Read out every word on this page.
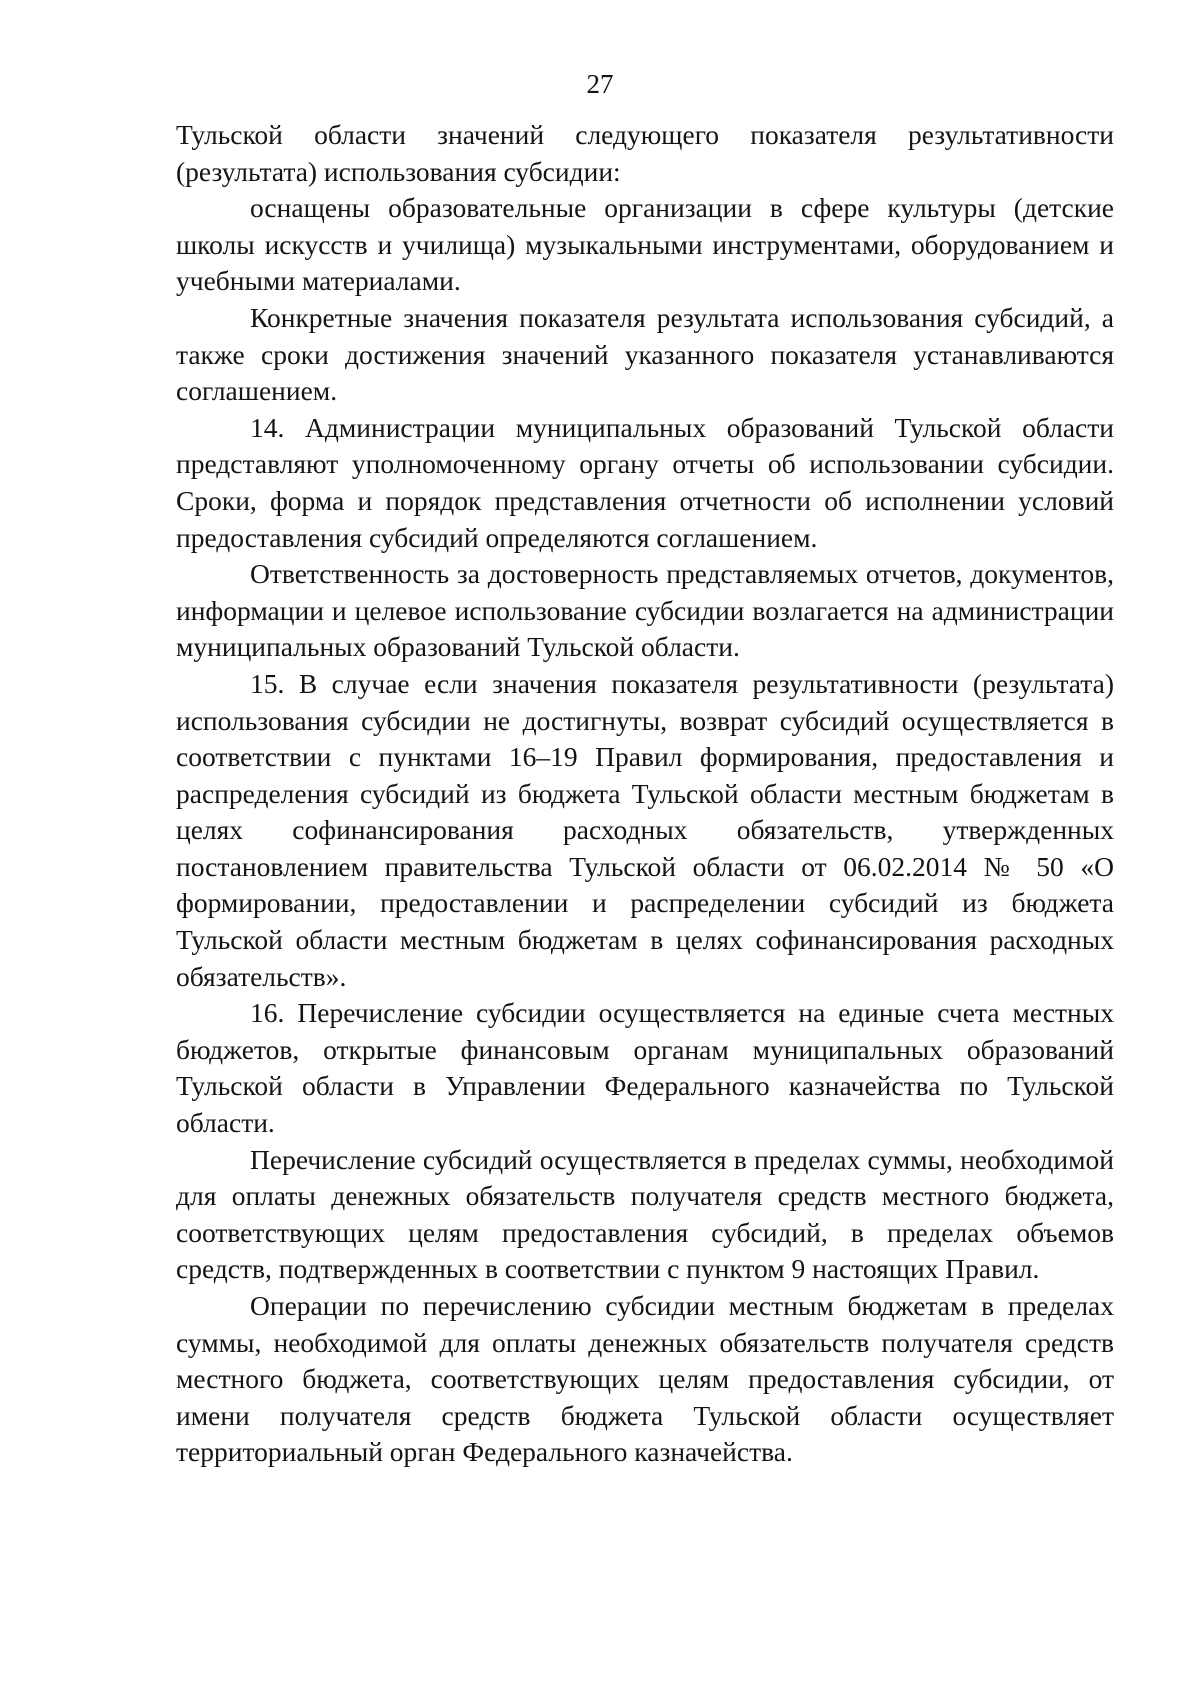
27

Тульской области значений следующего показателя результативности (результата) использования субсидии:

оснащены образовательные организации в сфере культуры (детские школы искусств и училища) музыкальными инструментами, оборудованием и учебными материалами.

Конкретные значения показателя результата использования субсидий, а также сроки достижения значений указанного показателя устанавливаются соглашением.

14. Администрации муниципальных образований Тульской области представляют уполномоченному органу отчеты об использовании субсидии. Сроки, форма и порядок представления отчетности об исполнении условий предоставления субсидий определяются соглашением.

Ответственность за достоверность представляемых отчетов, документов, информации и целевое использование субсидии возлагается на администрации муниципальных образований Тульской области.

15. В случае если значения показателя результативности (результата) использования субсидии не достигнуты, возврат субсидий осуществляется в соответствии с пунктами 16–19 Правил формирования, предоставления и распределения субсидий из бюджета Тульской области местным бюджетам в целях софинансирования расходных обязательств, утвержденных постановлением правительства Тульской области от 06.02.2014 № 50 «О формировании, предоставлении и распределении субсидий из бюджета Тульской области местным бюджетам в целях софинансирования расходных обязательств».

16. Перечисление субсидии осуществляется на единые счета местных бюджетов, открытые финансовым органам муниципальных образований Тульской области в Управлении Федерального казначейства по Тульской области.

Перечисление субсидий осуществляется в пределах суммы, необходимой для оплаты денежных обязательств получателя средств местного бюджета, соответствующих целям предоставления субсидий, в пределах объемов средств, подтвержденных в соответствии с пунктом 9 настоящих Правил.

Операции по перечислению субсидии местным бюджетам в пределах суммы, необходимой для оплаты денежных обязательств получателя средств местного бюджета, соответствующих целям предоставления субсидии, от имени получателя средств бюджета Тульской области осуществляет территориальный орган Федерального казначейства.
